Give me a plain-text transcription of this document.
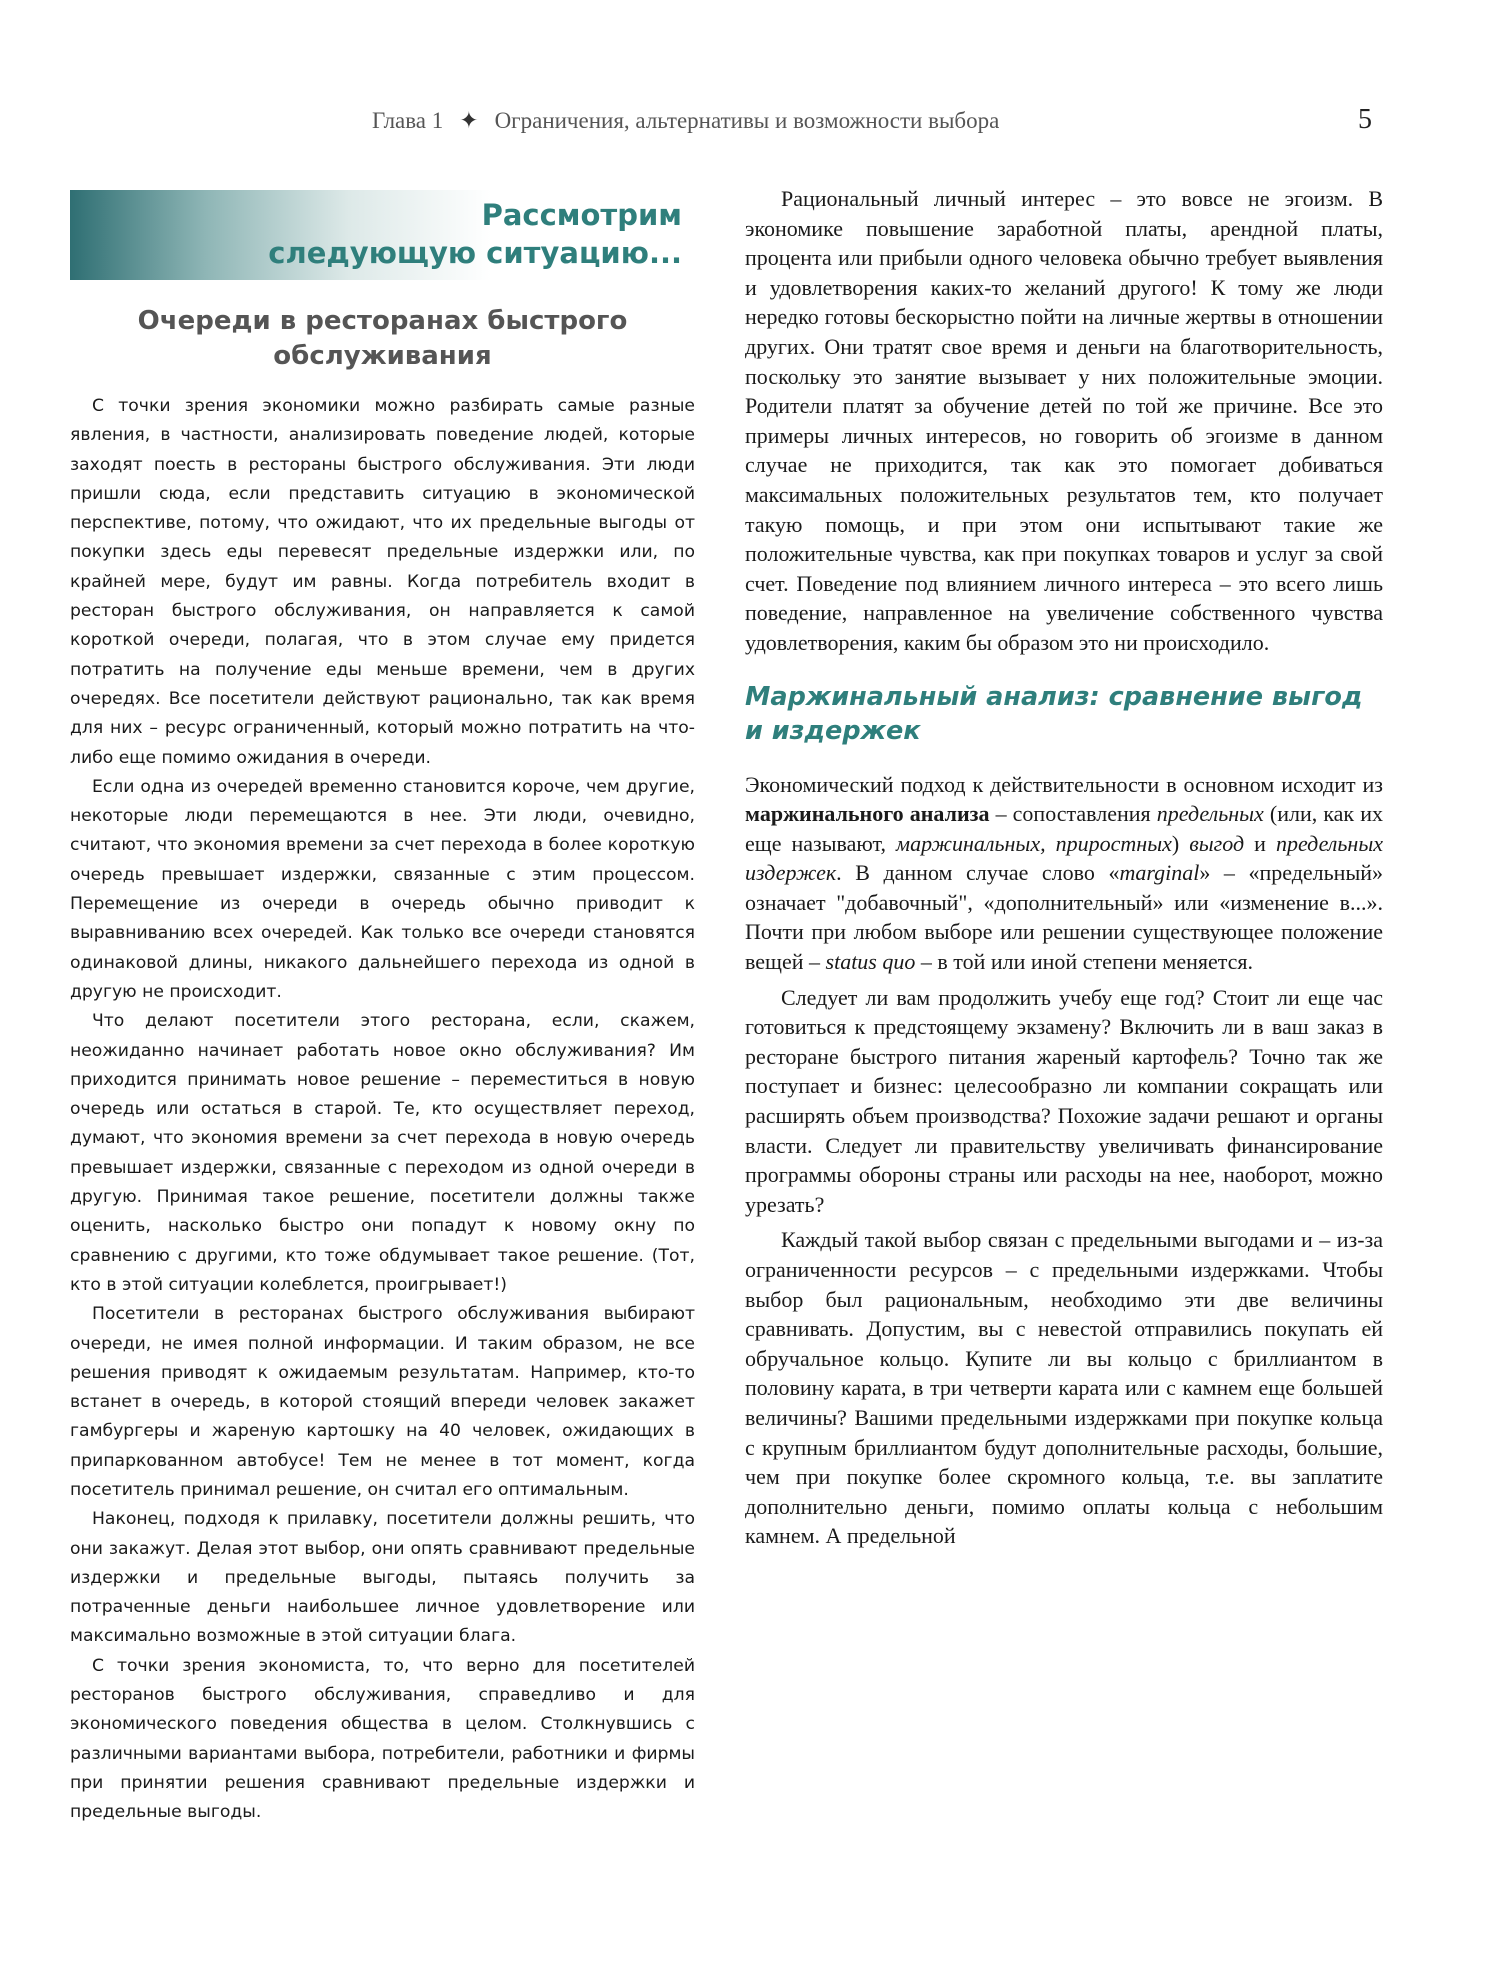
Глава 1 ✦ Ограничения, альтернативы и возможности выбора	5
Рассмотрим
следующую ситуацию...
Очереди в ресторанах быстрого обслуживания

С точки зрения экономики можно разбирать самые разные явления, в частности, анализировать поведение людей, которые заходят поесть в рестораны быстрого обслуживания. Эти люди пришли сюда, если представить ситуацию в экономической перспективе, потому, что ожидают, что их предельные выгоды от покупки здесь еды перевесят предельные издержки или, по крайней мере, будут им равны. Когда потребитель входит в ресторан быстрого обслуживания, он направляется к самой короткой очереди, полагая, что в этом случае ему придется потратить на получение еды меньше времени, чем в других очередях. Все посетители действуют рационально, так как время для них – ресурс ограниченный, который можно потратить на что-либо еще помимо ожидания в очереди.

Если одна из очередей временно становится короче, чем другие, некоторые люди перемещаются в нее. Эти люди, очевидно, считают, что экономия времени за счет перехода в более короткую очередь превышает издержки, связанные с этим процессом. Перемещение из очереди в очередь обычно приводит к выравниванию всех очередей. Как только все очереди становятся одинаковой длины, никакого дальнейшего перехода из одной в другую не происходит.

Что делают посетители этого ресторана, если, скажем, неожиданно начинает работать новое окно обслуживания? Им приходится принимать новое решение – переместиться в новую очередь или остаться в старой. Те, кто осуществляет переход, думают, что экономия времени за счет перехода в новую очередь превышает издержки, связанные с переходом из одной очереди в другую. Принимая такое решение, посетители должны также оценить, насколько быстро они попадут к новому окну по сравнению с другими, кто тоже обдумывает такое решение. (Тот, кто в этой ситуации колеблется, проигрывает!)

Посетители в ресторанах быстрого обслуживания выбирают очереди, не имея полной информации. И таким образом, не все решения приводят к ожидаемым результатам. Например, кто-то встанет в очередь, в которой стоящий впереди человек закажет гамбургеры и жареную картошку на 40 человек, ожидающих в припаркованном автобусе! Тем не менее в тот момент, когда посетитель принимал решение, он считал его оптимальным.

Наконец, подходя к прилавку, посетители должны решить, что они закажут. Делая этот выбор, они опять сравнивают предельные издержки и предельные выгоды, пытаясь получить за потраченные деньги наибольшее личное удовлетворение или максимально возможные в этой ситуации блага.

С точки зрения экономиста, то, что верно для посетителей ресторанов быстрого обслуживания, справедливо и для экономического поведения общества в целом. Столкнувшись с различными вариантами выбора, потребители, работники и фирмы при принятии решения сравнивают предельные издержки и предельные выгоды.

Рациональный личный интерес – это вовсе не эгоизм. В экономике повышение заработной платы, арендной платы, процента или прибыли одного человека обычно требует выявления и удовлетворения каких-то желаний другого! К тому же люди нередко готовы бескорыстно пойти на личные жертвы в отношении других. Они тратят свое время и деньги на благотворительность, поскольку это занятие вызывает у них положительные эмоции. Родители платят за обучение детей по той же причине. Все это примеры личных интересов, но говорить об эгоизме в данном случае не приходится, так как это помогает добиваться максимальных положительных результатов тем, кто получает такую помощь, и при этом они испытывают такие же положительные чувства, как при покупках товаров и услуг за свой счет. Поведение под влиянием личного интереса – это всего лишь поведение, направленное на увеличение собственного чувства удовлетворения, каким бы образом это ни происходило.

Маржинальный анализ: сравнение выгод и издержек

Экономический подход к действительности в основном исходит из маржинального анализа – сопоставления предельных (или, как их еще называют, маржинальных, приростных) выгод и предельных издержек. В данном случае слово «marginal» – «предельный» означает "добавочный", «дополнительный» или «изменение в...». Почти при любом выборе или решении существующее положение вещей – status quo – в той или иной степени меняется.

Следует ли вам продолжить учебу еще год? Стоит ли еще час готовиться к предстоящему экзамену? Включить ли в ваш заказ в ресторане быстрого питания жареный картофель? Точно так же поступает и бизнес: целесообразно ли компании сокращать или расширять объем производства? Похожие задачи решают и органы власти. Следует ли правительству увеличивать финансирование программы обороны страны или расходы на нее, наоборот, можно урезать?

Каждый такой выбор связан с предельными выгодами и – из-за ограниченности ресурсов – с предельными издержками. Чтобы выбор был рациональным, необходимо эти две величины сравнивать. Допустим, вы с невестой отправились покупать ей обручальное кольцо. Купите ли вы кольцо с бриллиантом в половину карата, в три четверти карата или с камнем еще большей величины? Вашими предельными издержками при покупке кольца с крупным бриллиантом будут дополнительные расходы, большие, чем при покупке более скромного кольца, т.е. вы заплатите дополнительно деньги, помимо оплаты кольца с небольшим камнем. А предельной
